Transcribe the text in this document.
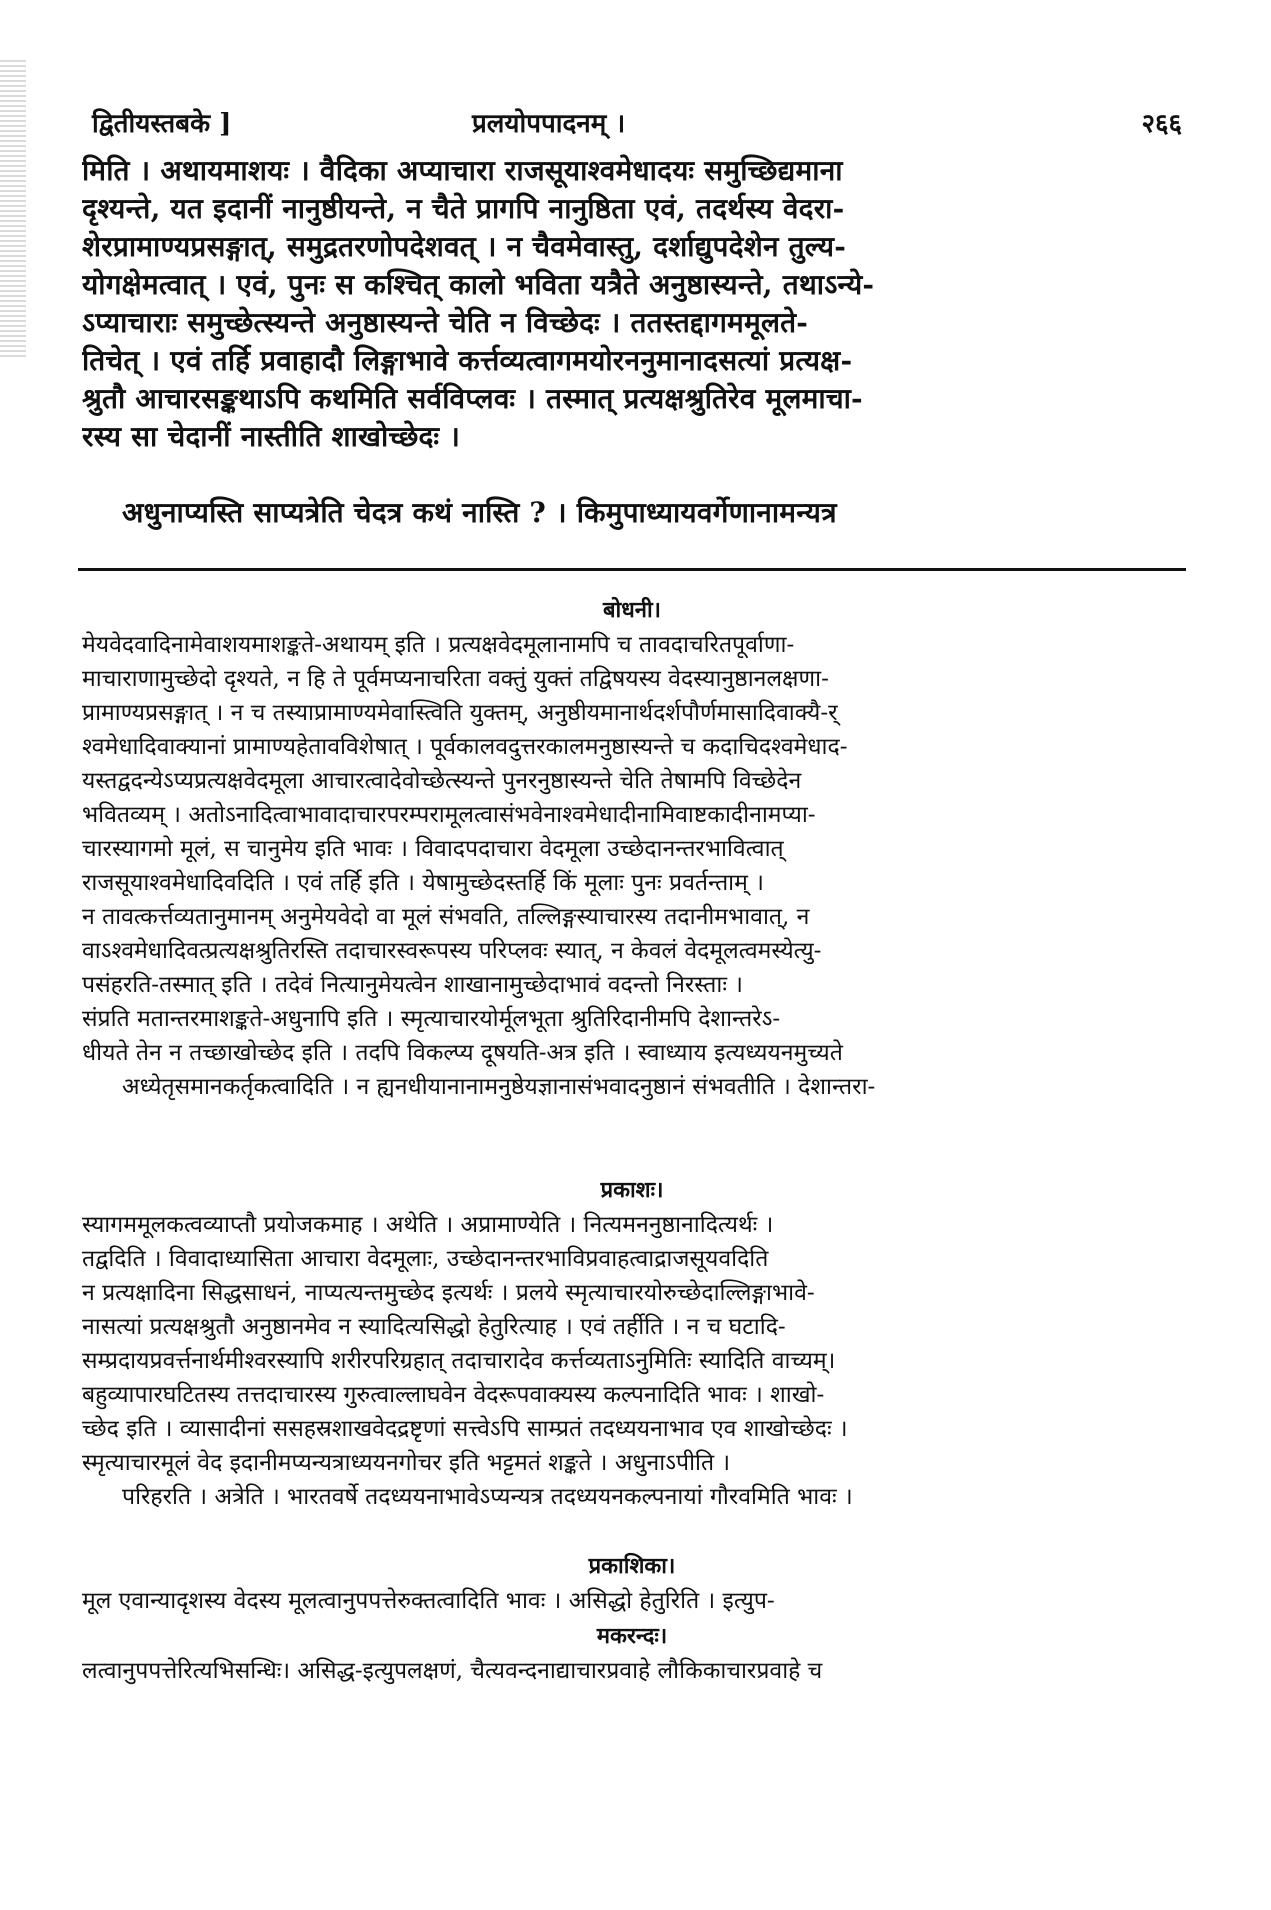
द्वितीयस्तबके ]	प्रलयोपपादनम् ।	२६६
मिति । अथायमाशयः । वैदिका अप्याचारा राजसूयाश्वमेधादयः समुच्छिद्यमाना
दृश्यन्ते, यत इदानीं नानुष्ठीयन्ते, न चैते प्रागपि नानुष्ठिता एवं, तदर्थस्य वेदरा-
शेरप्रामाण्यप्रसङ्गात्, समुद्रतरणोपदेशवत् । न चैवमेवास्तु, दर्शाद्युपदेशेन तुल्य-
योगक्षेमत्वात् । एवं, पुनः स कश्चित् कालो भविता यत्रैते अनुष्ठास्यन्ते, तथाऽन्ये-
ऽप्याचाराः समुच्छेत्स्यन्ते अनुष्ठास्यन्ते चेति न विच्छेदः । ततस्तद्दागममूलते-
तिचेत् । एवं तर्हि प्रवाहादौ लिङ्गाभावे कर्त्तव्यत्वागमयोरननुमानादसत्यां प्रत्यक्ष-
श्रुतौ आचारसङ्कथाऽपि कथमिति सर्वविप्लवः । तस्मात् प्रत्यक्षश्रुतिरेव मूलमाचा-
रस्य सा चेदानीं नास्तीति शाखोच्छेदः ।
अधुनाप्यस्ति साप्यत्रेति चेदत्र कथं नास्ति ? । किमुपाध्यायवर्गेणानामन्यत्र
बोधनी।
मेयवेदवादिनामेवाशयमाशङ्कते-अथायम् इति । प्रत्यक्षवेदमूलानामपि च तावदाचरितपूर्वाणा-
माचाराणामुच्छेदो दृश्यते, न हि ते पूर्वमप्यनाचरिता वक्तुं युक्तं तद्विषयस्य वेदस्यानुष्ठानलक्षणा-
प्रामाण्यप्रसङ्गात् । न च तस्याप्रामाण्यमेवास्त्विति युक्तम्, अनुष्ठीयमानार्थदर्शपौर्णमासादिवाक्यै-र्
श्वमेधादिवाक्यानां प्रामाण्यहेतावविशेषात् । पूर्वकालवदुत्तरकालमनुष्ठास्यन्ते च कदाचिदश्वमेधाद-
यस्तद्वदन्येऽप्यप्रत्यक्षवेदमूला आचारत्वादेवोच्छेत्स्यन्ते पुनरनुष्ठास्यन्ते चेति तेषामपि विच्छेदेन
भवितव्यम् । अतोऽनादित्वाभावादाचारपरम्परामूलत्वासंभवेनाश्वमेधादीनामिवाष्टकादीनामप्या-
चारस्यागमो मूलं, स चानुमेय इति भावः । विवादपदाचारा वेदमूला उच्छेदानन्तरभावित्वात्
राजसूयाश्वमेधादिवदिति । एवं तर्हि इति । येषामुच्छेदस्तर्हि किं मूलाः पुनः प्रवर्तन्ताम् ।
न तावत्कर्त्तव्यतानुमानम् अनुमेयवेदो वा मूलं संभवति, तल्लिङ्गस्याचारस्य तदानीमभावात्, न
वाऽश्वमेधादिवत्प्रत्यक्षश्रुतिरस्ति तदाचारस्वरूपस्य परिप्लवः स्यात्, न केवलं वेदमूलत्वमस्येत्यु-
पसंहरति-तस्मात् इति । तदेवं नित्यानुमेयत्वेन शाखानामुच्छेदाभावं वदन्तो निरस्ताः ।
संप्रति मतान्तरमाशङ्कते-अधुनापि इति । स्मृत्याचारयोर्मूलभूता श्रुतिरिदानीमपि देशान्तरेऽ-
धीयते तेन न तच्छाखोच्छेद इति । तदपि विकल्प्य दूषयति-अत्र इति । स्वाध्याय इत्यध्ययनमुच्यते
अध्येतृसमानकर्तृकत्वादिति । न ह्यनधीयानानामनुष्ठेयज्ञानासंभवादनुष्ठानं संभवतीति । देशान्तरा-
प्रकाशः।
स्यागममूलकत्वव्याप्तौ प्रयोजकमाह । अथेति । अप्रामाण्येति । नित्यमननुष्ठानादित्यर्थः ।
तद्वदिति । विवादाध्यासिता आचारा वेदमूलाः, उच्छेदानन्तरभाविप्रवाहत्वाद्राजसूयवदिति
न प्रत्यक्षादिना सिद्धसाधनं, नाप्यत्यन्तमुच्छेद इत्यर्थः । प्रलये स्मृत्याचारयोरुच्छेदाल्लिङ्गाभावे-
नासत्यां प्रत्यक्षश्रुतौ अनुष्ठानमेव न स्यादित्यसिद्धो हेतुरित्याह । एवं तर्हीति । न च घटादि-
सम्प्रदायप्रवर्त्तनार्थमीश्वरस्यापि शरीरपरिग्रहात् तदाचारादेव कर्त्तव्यताऽनुमितिः स्यादिति वाच्यम्।
बहुव्यापारघटितस्य तत्तदाचारस्य गुरुत्वाल्लाघवेन वेदरूपवाक्यस्य कल्पनादिति भावः । शाखो-
च्छेद इति । व्यासादीनां ससहस्रशाखवेदद्रष्टृणां सत्त्वेऽपि साम्प्रतं तदध्ययनाभाव एव शाखोच्छेदः ।
स्मृत्याचारमूलं वेद इदानीमप्यन्यत्राध्ययनगोचर इति भट्टमतं शङ्कते । अधुनाऽपीति ।
परिहरति । अत्रेति । भारतवर्षे तदध्ययनाभावेऽप्यन्यत्र तदध्ययनकल्पनायां गौरवमिति भावः ।
प्रकाशिका।
मूल एवान्यादृशस्य वेदस्य मूलत्वानुपपत्तेरुक्तत्वादिति भावः । असिद्धो हेतुरिति । इत्युप-
मकरन्दः।
लत्वानुपपत्तेरित्यभिसन्धिः। असिद्ध-इत्युपलक्षणं, चैत्यवन्दनाद्याचारप्रवाहे लौकिकाचारप्रवाहे च
